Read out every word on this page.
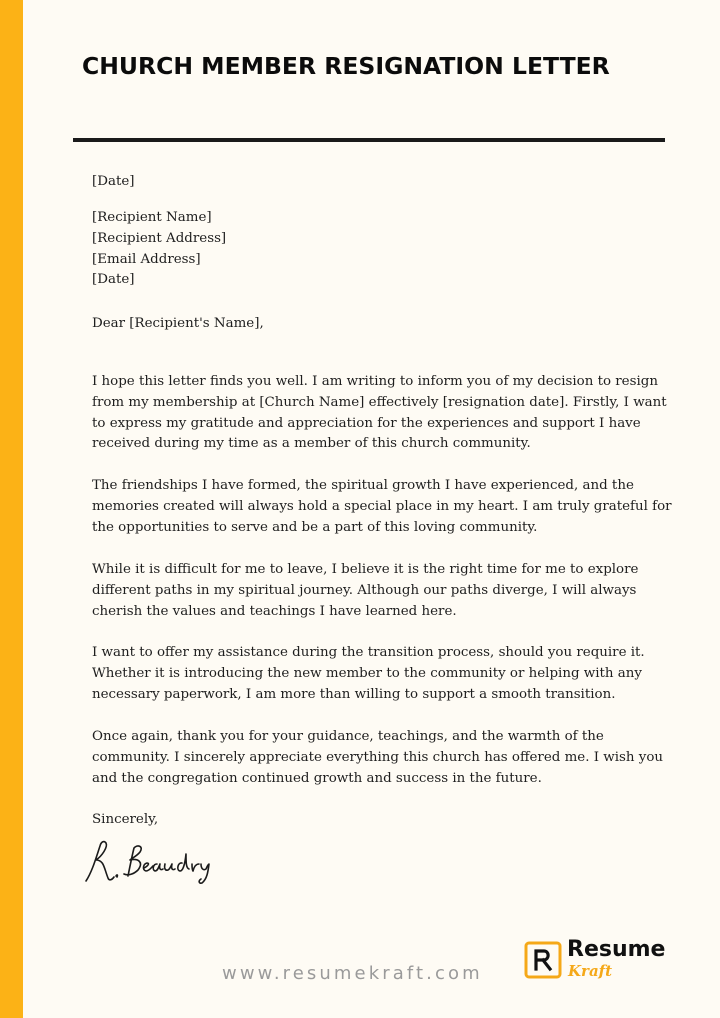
CHURCH MEMBER RESIGNATION LETTER
[Date]
[Recipient Name]
[Recipient Address]
[Email Address]
[Date]
Dear [Recipient's Name],
I hope this letter finds you well. I am writing to inform you of my decision to resign
from my membership at [Church Name] effectively [resignation date]. Firstly, I want
to express my gratitude and appreciation for the experiences and support I have
received during my time as a member of this church community.
The friendships I have formed, the spiritual growth I have experienced, and the
memories created will always hold a special place in my heart. I am truly grateful for
the opportunities to serve and be a part of this loving community.
While it is difficult for me to leave, I believe it is the right time for me to explore
different paths in my spiritual journey. Although our paths diverge, I will always
cherish the values and teachings I have learned here.
I want to offer my assistance during the transition process, should you require it.
Whether it is introducing the new member to the community or helping with any
necessary paperwork, I am more than willing to support a smooth transition.
Once again, thank you for your guidance, teachings, and the warmth of the
community. I sincerely appreciate everything this church has offered me. I wish you
and the congregation continued growth and success in the future.
Sincerely,
www.resumekraft.com
Resume
Kraft
